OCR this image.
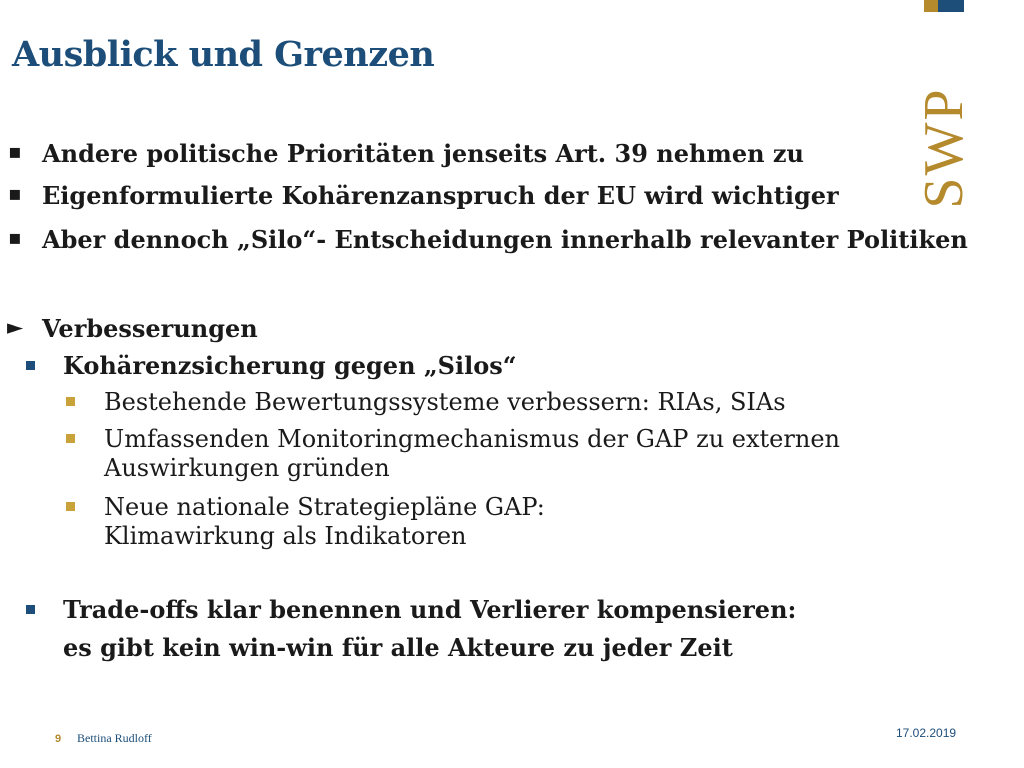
Ausblick und Grenzen
SWP
▪ Andere politische Prioritäten jenseits Art. 39 nehmen zu
▪ Eigenformulierte Kohärenzanspruch der EU wird wichtiger
▪ Aber dennoch „Silo“- Entscheidungen innerhalb relevanter Politiken
► Verbesserungen
Kohärenzsicherung gegen „Silos“
Bestehende Bewertungssysteme verbessern: RIAs, SIAs
Umfassenden Monitoringmechanismus der GAP zu externen
Auswirkungen gründen
Neue nationale Strategiepläne GAP:
Klimawirkung als Indikatoren
Trade-offs klar benennen und Verlierer kompensieren:
es gibt kein win-win für alle Akteure zu jeder Zeit
9 Bettina Rudloff	17.02.2019
